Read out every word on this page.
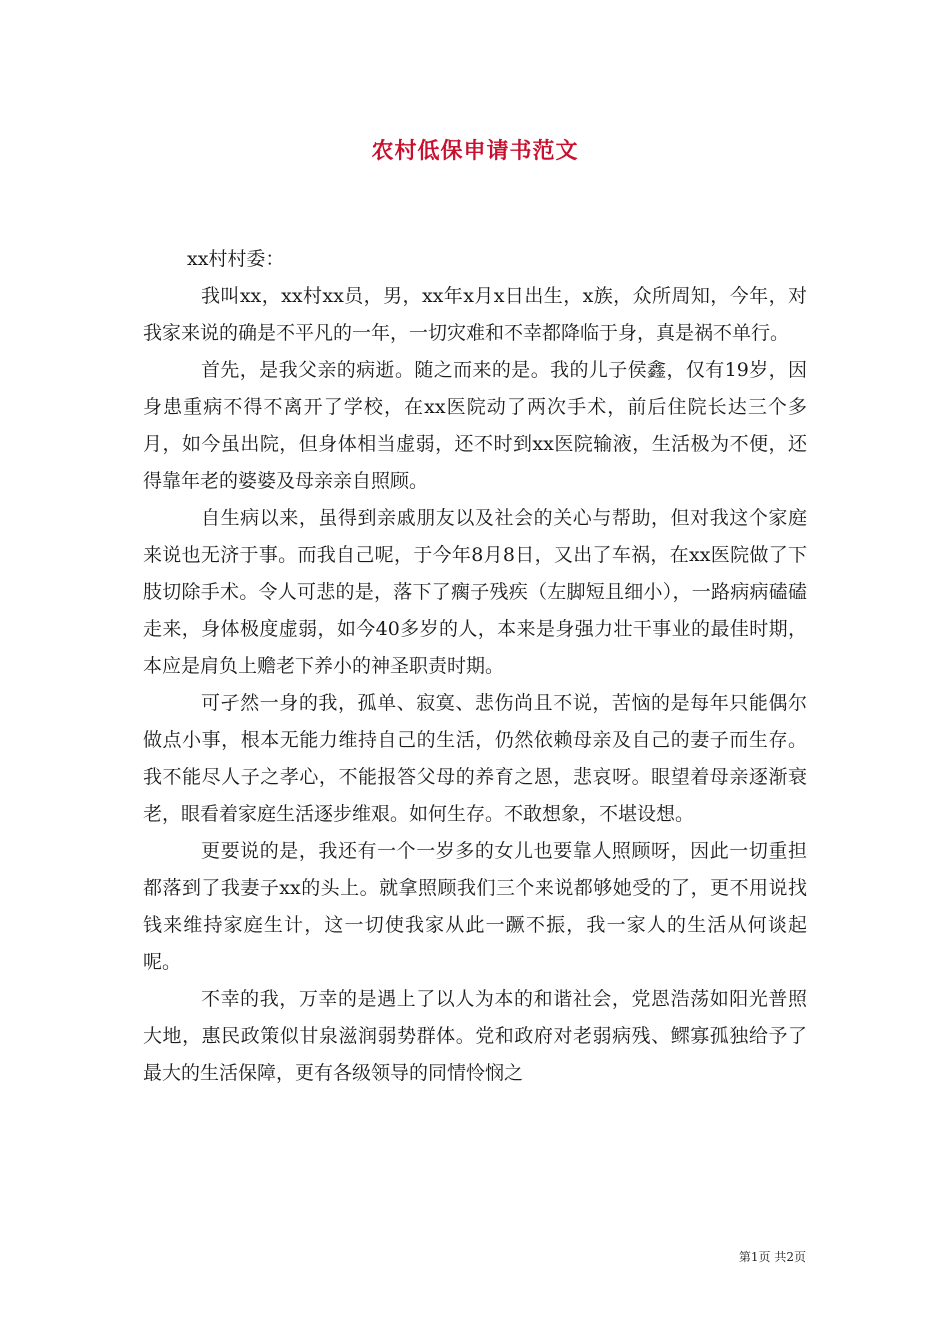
农村低保申请书范文

xx村村委：

我叫xx，xx村xx员，男，xx年x月x日出生，x族，众所周知，今年，对我家来说的确是不平凡的一年，一切灾难和不幸都降临于身，真是祸不单行。

首先，是我父亲的病逝。随之而来的是。我的儿子侯鑫，仅有19岁，因身患重病不得不离开了学校，在xx医院动了两次手术，前后住院长达三个多月，如今虽出院，但身体相当虚弱，还不时到xx医院输液，生活极为不便，还得靠年老的婆婆及母亲亲自照顾。

自生病以来，虽得到亲戚朋友以及社会的关心与帮助，但对我这个家庭来说也无济于事。而我自己呢，于今年8月8日，又出了车祸，在xx医院做了下肢切除手术。令人可悲的是，落下了瘸子残疾（左脚短且细小），一路病病磕磕走来，身体极度虚弱，如今40多岁的人，本来是身强力壮干事业的最佳时期，本应是肩负上赡老下养小的神圣职责时期。

可孑然一身的我，孤单、寂寞、悲伤尚且不说，苦恼的是每年只能偶尔做点小事，根本无能力维持自己的生活，仍然依赖母亲及自己的妻子而生存。我不能尽人子之孝心，不能报答父母的养育之恩，悲哀呀。眼望着母亲逐渐衰老，眼看着家庭生活逐步维艰。如何生存。不敢想象，不堪设想。

更要说的是，我还有一个一岁多的女儿也要靠人照顾呀，因此一切重担都落到了我妻子xx的头上。就拿照顾我们三个来说都够她受的了，更不用说找钱来维持家庭生计，这一切使我家从此一蹶不振，我一家人的生活从何谈起呢。

不幸的我，万幸的是遇上了以人为本的和谐社会，党恩浩荡如阳光普照大地，惠民政策似甘泉滋润弱势群体。党和政府对老弱病残、鳏寡孤独给予了最大的生活保障，更有各级领导的同情怜悯之

第1页 共2页
